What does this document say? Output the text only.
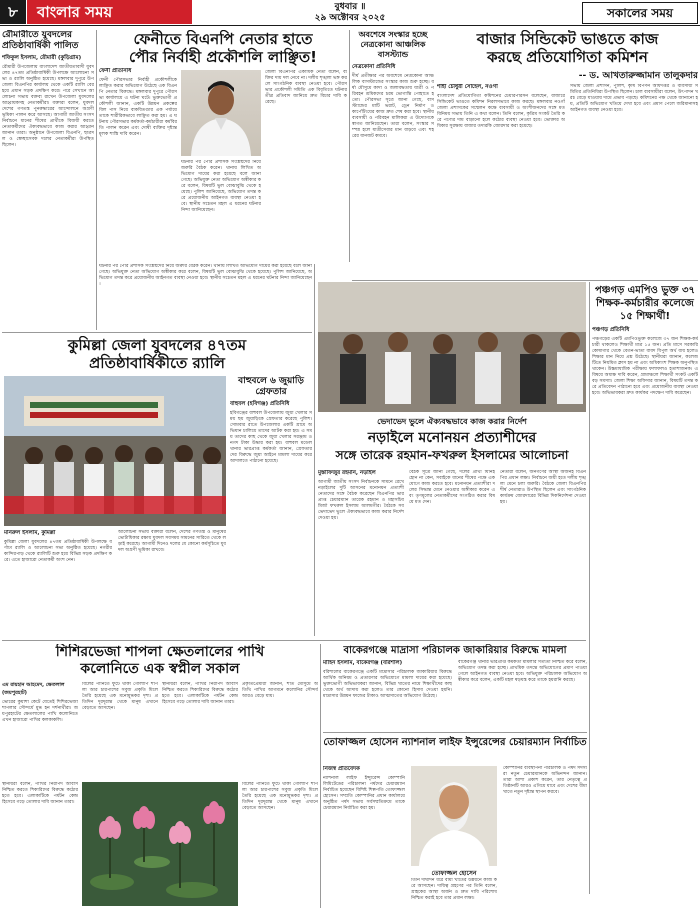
৮	বাংলার সময়	বুধবার ॥
২৯ অক্টোবর ২০২৫	সকালের সময়
রৌমারীতে যুবদলের প্রতিষ্ঠাবার্ষিকী পালিত
শফিকুল ইসলাম, রৌমারী (কুড়িগ্রাম)
রৌমারী উপজেলায় বাংলাদেশ জাতীয়তাবাদী যুবদলের ৪৭তম প্রতিষ্ঠাবার্ষিকী উপলক্ষে আলোচনা সভা ও র‍্যালি অনুষ্ঠিত হয়েছে। মঙ্গলবার দুপুরে উপজেলা বিএনপির কার্যালয় থেকে একটি র‍্যালি বের হয়ে প্রধান সড়ক প্রদক্ষিণ করে। পরে সেখানে আলোচনা সভায় বক্তব্য রাখেন উপজেলা যুবদলের আহ্বায়কসহ নেতাকর্মীরা। বক্তারা বলেন, যুবদল দেশের গণতন্ত্র পুনরুদ্ধারের আন্দোলনে অগ্রণী ভূমিকা পালন করে আসছে। আগামী জাতীয় সংসদ নির্বাচনে ধানের শীষের প্রার্থীকে বিজয়ী করতে নেতাকর্মীদের ঐক্যবদ্ধভাবে কাজ করার আহ্বান জানান তারা। অনুষ্ঠানে উপজেলা বিএনপি, ছাত্রদল ও স্বেচ্ছাসেবক দলের নেতাকর্মীরা উপস্থিত ছিলেন।
ফেনীতে বিএনপি নেতার হাতে
পৌর নির্বাহী প্রকৌশলি লাঞ্ছিত!
ফেনী প্রতিনিধি
ফেনী পৌরসভার নির্বাহী প্রকৌশলীকে লাঞ্ছিত করার অভিযোগ উঠেছে এক বিএনপি নেতার বিরুদ্ধে। মঙ্গলবার দুপুরে পৌরসভা কার্যালয়ে এ ঘটনা ঘটে। ভুক্তভোগী প্রকৌশলী জানান, একটি উন্নয়ন প্রকল্পের বিল পাস নিয়ে বাকবিতণ্ডার এক পর্যায়ে তাকে শারীরিকভাবে লাঞ্ছিত করা হয়। এ ঘটনায় পৌরসভার কর্মকর্তা-কর্মচারীরা কর্মবিরতি পালন করেন এবং দোষী ব্যক্তির দৃষ্টান্তমূলক শাস্তি দাবি করেন।
ঘটনার পর পৌর প্রশাসক সংশ্লিষ্টদের নিয়ে জরুরি বৈঠক করেন। থানায় লিখিত অভিযোগ দায়ের করা হয়েছে বলে জানা গেছে। অভিযুক্ত নেতা অভিযোগ অস্বীকার করে বলেন, বিষয়টি ভুল বোঝাবুঝি থেকে হয়েছে। পুলিশ জানিয়েছে, অভিযোগ তদন্ত করে প্রয়োজনীয় আইনগত ব্যবস্থা নেওয়া হবে। স্থানীয় সচেতন মহল এ ধরনের ঘটনার নিন্দা জানিয়েছেন।
জেলা বিএনপির একাধিক নেতা বলেন, ব্যক্তির দায় দল নেবে না। দলীয় শৃঙ্খলা ভঙ্গ করলে সাংগঠনিক ব্যবস্থা নেওয়া হবে। পৌরসভার প্রকৌশলী সমিতি এক বিবৃতিতে ঘটনার তীব্র প্রতিবাদ জানিয়ে দ্রুত বিচার দাবি করেছে।
অবশেষে সংস্কার হচ্ছে নেত্রকোনা আঞ্চলিক বাসস্ট্যান্ড
নেত্রকোনা প্রতিনিধি
দীর্ঘ প্রতীক্ষার পর অবশেষে নেত্রকোনা আঞ্চলিক বাসস্ট্যান্ডের সংস্কার কাজ শুরু হচ্ছে। বর্ষা মৌসুমে কাদা ও জলাবদ্ধতায় যাত্রী ও পরিবহন শ্রমিকদের চরম ভোগান্তি পোহাতে হতো। পৌরসভা সূত্রে জানা গেছে, বাসস্ট্যান্ডের মাটি ভরাট, ড্রেন নির্মাণ ও কার্পেটিংয়ের কাজ দ্রুত শেষ করা হবে। স্থানীয় ব্যবসায়ী ও পরিবহন মালিকরা এ উদ্যোগকে স্বাগত জানিয়েছেন। তারা বলেন, সংস্কার সম্পন্ন হলে যাত্রীসেবার মান বাড়বে এবং শহরের যানজট কমবে।
বাজার সিন্ডিকেট ভাঙতে কাজ
করছে প্রতিযোগিতা কমিশন
-- ড. আখতারুজ্জামান তালুকদার
শাহী চৌধুরী সোহেল, নওগাঁ
বাংলাদেশ প্রতিযোগিতা কমিশনের চেয়ারপারসন বলেছেন, বাজারে সিন্ডিকেট ভাঙতে কমিশন নিরলসভাবে কাজ করছে। মঙ্গলবার নওগাঁ জেলা প্রশাসকের সম্মেলন কক্ষে ব্যবসায়ী ও অংশীজনদের সঙ্গে মতবিনিময় সভায় তিনি এ কথা বলেন। তিনি বলেন, কৃত্রিম সংকট তৈরি করে পণ্যের দাম বাড়ানো হলে কঠোর ব্যবস্থা নেওয়া হবে। ভোক্তার অধিকার সুরক্ষায় বাজার তদারকি জোরদার করা হয়েছে।
সভায় জেলা প্রশাসন, পুলিশ, কৃষি বিপণন অধিদপ্তর ও ব্যবসায়ী সমিতির প্রতিনিধিরা উপস্থিত ছিলেন। চাল ব্যবসায়ীরা বলেন, উৎপাদন খরচ বেড়ে যাওয়ায় দামে প্রভাব পড়ছে। কমিশনের পক্ষ থেকে জানানো হয়, প্রতিটি অভিযোগ খতিয়ে দেখা হবে এবং প্রমাণ পেলে জরিমানাসহ আইনগত ব্যবস্থা নেওয়া হবে।
কুমিল্লা জেলা যুবদলের ৪৭তম
প্রতিষ্ঠাবার্ষিকীতে র‍্যালি
মনিরুল ইসলাম, কুমিল্লা
কুমিল্লা জেলা যুবদলের ৪৭তম প্রতিষ্ঠাবার্ষিকী উপলক্ষে বর্ণাঢ্য র‍্যালি ও আলোচনা সভা অনুষ্ঠিত হয়েছে। নগরীর কান্দিরপাড় থেকে র‍্যালিটি শুরু হয়ে বিভিন্ন সড়ক প্রদক্ষিণ করে। এতে হাজারো নেতাকর্মী অংশ নেন।
আলোচনা সভায় বক্তারা বলেন, দেশের গণতন্ত্র ও মানুষের ভোটাধিকার রক্ষায় যুবদল সবসময় সামনের সারিতে থেকে লড়াই করেছে। আগামী দিনেও দলের যে কোনো কর্মসূচিতে যুবদল অগ্রণী ভূমিকা রাখবে।
বাহুবলে ৬ জুয়াড়ি গ্রেফতার
বাহুবল (হবিগঞ্জ) প্রতিনিধি
হবিগঞ্জের বাহুবল উপজেলায় জুয়া খেলার সময় ছয় জুয়াড়িকে গ্রেফতার করেছে পুলিশ। সোমবার রাতে উপজেলার একটি গ্রামে অভিযান চালিয়ে তাদের আটক করা হয়। এ সময় তাদের কাছ থেকে জুয়া খেলার সরঞ্জাম ও নগদ টাকা উদ্ধার করা হয়। বাহুবল মডেল থানার ভারপ্রাপ্ত কর্মকর্তা জানান, গ্রেফতারদের বিরুদ্ধে জুয়া আইনে মামলা দায়ের করে আদালতে পাঠানো হয়েছে।
ঘটনার পর পৌর প্রশাসক সংশ্লিষ্টদের নিয়ে জরুরি বৈঠক করেন। থানায় লিখিত অভিযোগ দায়ের করা হয়েছে বলে জানা গেছে। অভিযুক্ত নেতা অভিযোগ অস্বীকার করে বলেন, বিষয়টি ভুল বোঝাবুঝি থেকে হয়েছে। পুলিশ জানিয়েছে, অভিযোগ তদন্ত করে প্রয়োজনীয় আইনগত ব্যবস্থা নেওয়া হবে। স্থানীয় সচেতন মহল এ ধরনের ঘটনার নিন্দা জানিয়েছেন।
ভেদাভেদ ভুলে ঐক্যবদ্ধভাবে কাজ করার নির্দেশ
নড়াইলে মনোনয়ন প্রত্যাশীদের
সঙ্গে তারেক রহমান-ফখরুল ইসলামের আলোচনা
মুস্তাফিজুর রহমান, নড়াইল
আগামী জাতীয় সংসদ নির্বাচনকে সামনে রেখে নড়াইলের দুটি আসনের মনোনয়ন প্রত্যাশী নেতাদের সঙ্গে বৈঠক করেছেন বিএনপির ভারপ্রাপ্ত চেয়ারম্যান তারেক রহমান ও মহাসচিব মির্জা ফখরুল ইসলাম আলমগীর। বৈঠকে সব ভেদাভেদ ভুলে ঐক্যবদ্ধভাবে কাজ করার নির্দেশ দেওয়া হয়।
বৈঠক সূত্রে জানা গেছে, দলের প্রার্থী যিনিই হোন না কেন, সবাইকে ধানের শীষের পক্ষে একযোগে কাজ করতে হবে। মনোনয়ন প্রত্যাশীরা দলের সিদ্ধান্ত মেনে নেওয়ার অঙ্গীকার করেন এবং তৃণমূলের নেতাকর্মীদের সংগঠিত করার বিষয়ে মত দেন।
নেতারা বলেন, জনগণের আস্থা অর্জনই বিএনপির প্রধান লক্ষ্য। নির্বাচনে জয়ী হতে দলীয় শৃঙ্খলা মেনে চলা জরুরি। বৈঠকে জেলা বিএনপির শীর্ষ নেতারাও উপস্থিত ছিলেন এবং সাংগঠনিক কার্যক্রম জোরদারের বিভিন্ন দিকনির্দেশনা দেওয়া হয়।
পঞ্চগড় এমপিও ভুক্ত ৩৭ শিক্ষক-কর্মচারীর কলেজে ১৫ শিক্ষার্থী!
পঞ্চগড় প্রতিনিধি
পঞ্চগড়ের একটি এমপিওভুক্ত কলেজে ৩৭ জন শিক্ষক-কর্মচারী থাকলেও শিক্ষার্থী মাত্র ১৫ জন। প্রতি মাসে সরকারি কোষাগার থেকে বেতন-ভাতা বাবদ বিপুল অর্থ ব্যয় হলেও শিক্ষার মান নিয়ে প্রশ্ন উঠেছে। স্থানীয়রা জানান, কলেজটিতে নিয়মিত ক্লাস হয় না এবং অধিকাংশ শিক্ষক অনুপস্থিত থাকেন। উচ্চমাধ্যমিক পরীক্ষায় ফলাফলও হতাশাজনক। এ বিষয়ে অধ্যক্ষ দাবি করেন, গ্রামাঞ্চলে শিক্ষার্থী সংকট একটি বড় সমস্যা। জেলা শিক্ষা অফিসার জানান, বিষয়টি তদন্ত করে প্রতিবেদন পাঠানো হবে এবং প্রয়োজনীয় ব্যবস্থা নেওয়া হবে। অভিভাবকরা দ্রুত কার্যকর পদক্ষেপ দাবি করেছেন।
শিশিরভেজা শাপলা ক্ষেতলালের পাখি
কলোনিতে এক স্বপ্নীল সকাল
এম রায়হান আহমেদ, ক্ষেতলাল (জয়পুরহাট)
ভোরের কুয়াশা কেটে যেতেই শিশিরভেজা শাপলার সৌন্দর্যে মুগ্ধ হন দর্শনার্থীরা। জয়পুরহাটের ক্ষেতলালের পাখি কলোনিতে এখন হাজারো পাখির কলকাকলি।
বিলের পানিতে ফুটে থাকা গোলাপি শাপলা আর চারপাশের সবুজ প্রকৃতি মিলে তৈরি হয়েছে এক মনোমুগ্ধকর দৃশ্য। প্রতিদিন দূরদূরান্ত থেকে মানুষ এখানে বেড়াতে আসছেন।
স্থানীয়রা বলেন, পাখির নিরাপদ আবাস নিশ্চিত করতে শিকারিদের বিরুদ্ধে কঠোর হতে হবে। এলাকাটিকে পর্যটন কেন্দ্র হিসেবে গড়ে তোলার দাবি জানান তারা।
প্রকৃতিপ্রেমীরা জানান, শীত মৌসুমে অতিথি পাখির আগমনে কলোনির সৌন্দর্য আরও বেড়ে যায়।
স্থানীয়রা বলেন, পাখির নিরাপদ আবাস নিশ্চিত করতে শিকারিদের বিরুদ্ধে কঠোর হতে হবে। এলাকাটিকে পর্যটন কেন্দ্র হিসেবে গড়ে তোলার দাবি জানান তারা।
বিলের পানিতে ফুটে থাকা গোলাপি শাপলা আর চারপাশের সবুজ প্রকৃতি মিলে তৈরি হয়েছে এক মনোমুগ্ধকর দৃশ্য। প্রতিদিন দূরদূরান্ত থেকে মানুষ এখানে বেড়াতে আসছেন।
বাকেরগঞ্জে মাদ্রাসা পরিচালক জাকারিয়ার বিরুদ্ধে মামলা
মাহিন ইসলাম, বাকেরগঞ্জ (বরিশাল)
বরিশালের বাকেরগঞ্জে একটি মাদ্রাসার পরিচালক জাকারিয়ার বিরুদ্ধে আর্থিক অনিয়ম ও প্রতারণার অভিযোগে মামলা দায়ের করা হয়েছে। ভুক্তভোগী অভিভাবকরা জানান, বিভিন্ন খাতের নামে শিক্ষার্থীদের কাছ থেকে অর্থ আদায় করা হলেও তার কোনো হিসাব দেওয়া হয়নি। মাদ্রাসার উন্নয়ন ফান্ডের টাকাও আত্মসাতের অভিযোগ উঠেছে।
বাকেরগঞ্জ থানার ভারপ্রাপ্ত কর্মকর্তা মামলার সত্যতা নিশ্চিত করে বলেন, অভিযোগ তদন্ত করা হচ্ছে। প্রাথমিক তদন্তে অভিযোগের প্রমাণ পাওয়া গেলে আইনগত ব্যবস্থা নেওয়া হবে। অভিযুক্ত পরিচালক অভিযোগ অস্বীকার করে বলেন, একটি মহল ষড়যন্ত্র করে তাকে হয়রানি করছে।
তোফাজ্জল হোসেন ন্যাশনাল লাইফ ইন্সুরেন্সের চেয়ারম্যান নির্বাচিত
নিজস্ব প্রতিবেদক
ন্যাশনাল লাইফ ইন্স্যুরেন্স কোম্পানি লিমিটেডের পরিচালনা পর্ষদের চেয়ারম্যান নির্বাচিত হয়েছেন বিশিষ্ট শিল্পপতি তোফাজ্জল হোসেন। সম্প্রতি কোম্পানির প্রধান কার্যালয়ে অনুষ্ঠিত পর্ষদ সভায় সর্বসম্মতিক্রমে তাকে চেয়ারম্যান নির্বাচিত করা হয়।
তোফাজ্জল হোসেন
তিনি দীর্ঘদিন ধরে বীমা খাতের উন্নয়নে কাজ করে আসছেন। দায়িত্ব গ্রহণের পর তিনি বলেন, গ্রাহকের আস্থা অর্জন ও দ্রুত দাবি পরিশোধ নিশ্চিত করাই হবে তার প্রধান লক্ষ্য।
কোম্পানির ব্যবস্থাপনা পরিচালক ও পর্ষদ সদস্যরা নতুন চেয়ারম্যানকে অভিনন্দন জানান। তারা আশা প্রকাশ করেন, তার নেতৃত্বে প্রতিষ্ঠানটি আরও এগিয়ে যাবে এবং দেশের বীমা খাতে নতুন দৃষ্টান্ত স্থাপন করবে।
